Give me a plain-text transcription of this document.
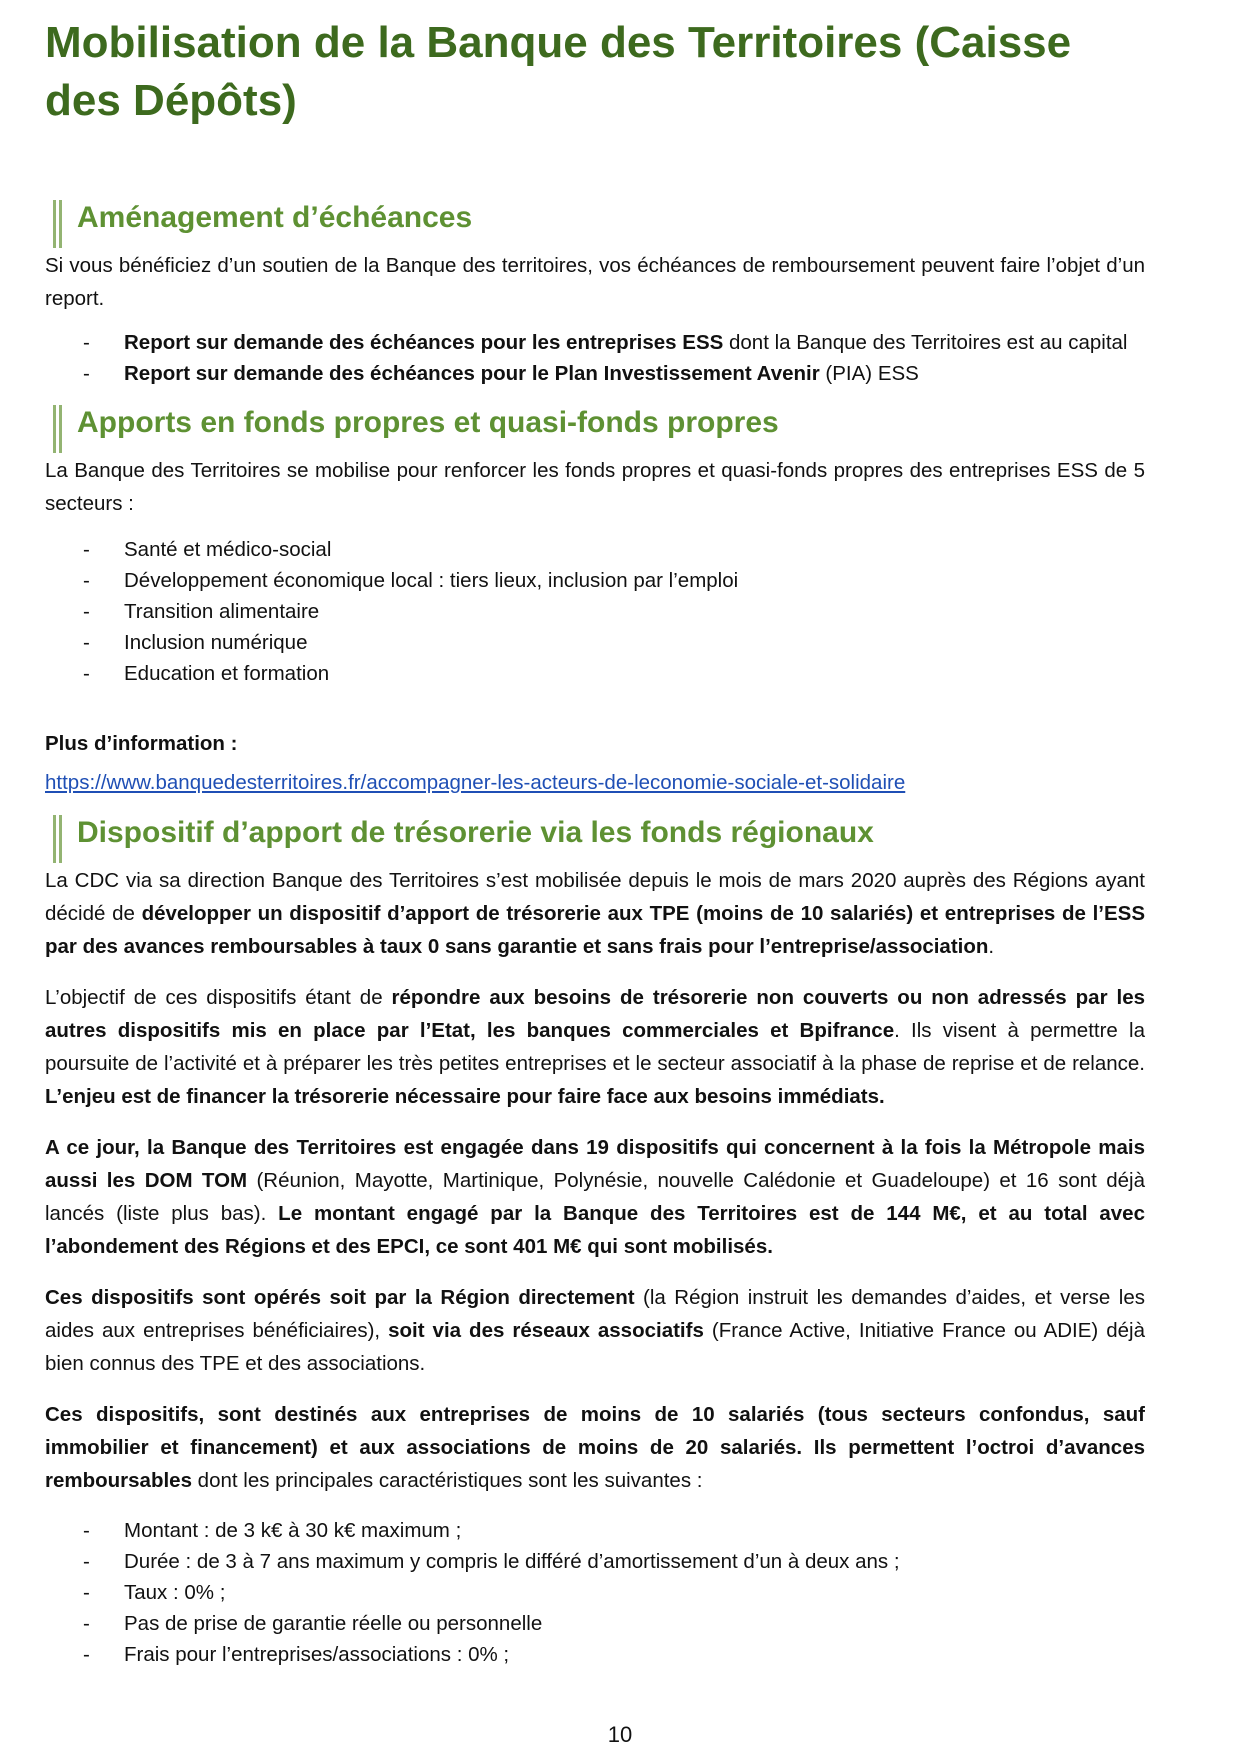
Mobilisation de la Banque des Territoires (Caisse des Dépôts)
Aménagement d’échéances

Si vous bénéficiez d’un soutien de la Banque des territoires, vos échéances de remboursement peuvent faire l’objet d’un report.

- Report sur demande des échéances pour les entreprises ESS dont la Banque des Territoires est au capital
- Report sur demande des échéances pour le Plan Investissement Avenir (PIA) ESS
Apports en fonds propres et quasi-fonds propres

La Banque des Territoires se mobilise pour renforcer les fonds propres et quasi-fonds propres des entreprises ESS de 5 secteurs :

- Santé et médico-social
- Développement économique local : tiers lieux, inclusion par l’emploi
- Transition alimentaire
- Inclusion numérique
- Education et formation

Plus d’information :

https://www.banquedesterritoires.fr/accompagner-les-acteurs-de-leconomie-sociale-et-solidaire

Dispositif d’apport de trésorerie via les fonds régionaux

La CDC via sa direction Banque des Territoires s’est mobilisée depuis le mois de mars 2020 auprès des Régions ayant décidé de développer un dispositif d’apport de trésorerie aux TPE (moins de 10 salariés) et entreprises de l’ESS par des avances remboursables à taux 0 sans garantie et sans frais pour l’entreprise/association.

L’objectif de ces dispositifs étant de répondre aux besoins de trésorerie non couverts ou non adressés par les autres dispositifs mis en place par l’Etat, les banques commerciales et Bpifrance. Ils visent à permettre la poursuite de l’activité et à préparer les très petites entreprises et le secteur associatif à la phase de reprise et de relance. L’enjeu est de financer la trésorerie nécessaire pour faire face aux besoins immédiats.

A ce jour, la Banque des Territoires est engagée dans 19 dispositifs qui concernent à la fois la Métropole mais aussi les DOM TOM (Réunion, Mayotte, Martinique, Polynésie, nouvelle Calédonie et Guadeloupe) et 16 sont déjà lancés (liste plus bas). Le montant engagé par la Banque des Territoires est de 144 M€, et au total avec l’abondement des Régions et des EPCI, ce sont 401 M€ qui sont mobilisés.

Ces dispositifs sont opérés soit par la Région directement (la Région instruit les demandes d’aides, et verse les aides aux entreprises bénéficiaires), soit via des réseaux associatifs (France Active, Initiative France ou ADIE) déjà bien connus des TPE et des associations.

Ces dispositifs, sont destinés aux entreprises de moins de 10 salariés (tous secteurs confondus, sauf immobilier et financement) et aux associations de moins de 20 salariés. Ils permettent l’octroi d’avances remboursables dont les principales caractéristiques sont les suivantes :

- Montant : de 3 k€ à 30 k€ maximum ;
- Durée : de 3 à 7 ans maximum y compris le différé d’amortissement d’un à deux ans ;
- Taux : 0% ;
- Pas de prise de garantie réelle ou personnelle
- Frais pour l’entreprises/associations : 0% ;
10
